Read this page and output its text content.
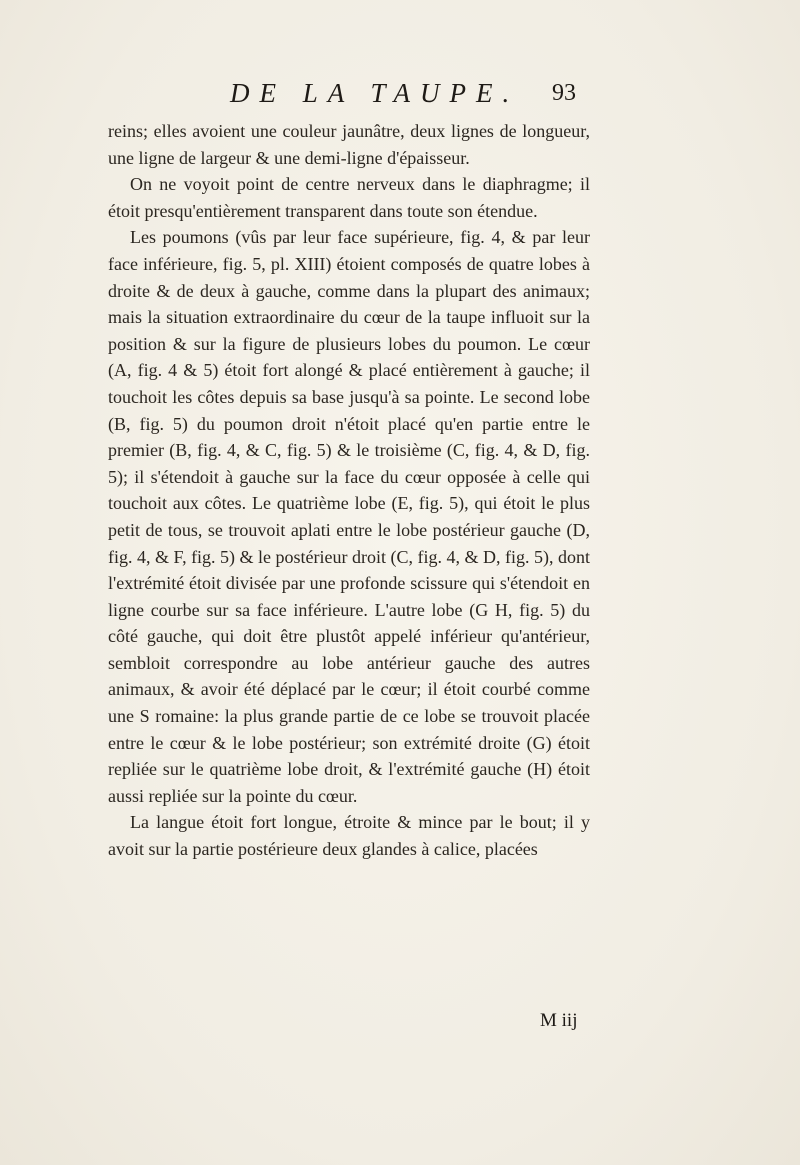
DE LA TAUPE.	93

reins; elles avoient une couleur jaunâtre, deux lignes de longueur, une ligne de largeur & une demi-ligne d'épaisseur.

On ne voyoit point de centre nerveux dans le diaphragme; il étoit presqu'entièrement transparent dans toute son étendue.

Les poumons (vûs par leur face supérieure, fig. 4, & par leur face inférieure, fig. 5, pl. XIII) étoient composés de quatre lobes à droite & de deux à gauche, comme dans la plupart des animaux; mais la situation extraordinaire du cœur de la taupe influoit sur la position & sur la figure de plusieurs lobes du poumon. Le cœur (A, fig. 4 & 5) étoit fort alongé & placé entièrement à gauche; il touchoit les côtes depuis sa base jusqu'à sa pointe. Le second lobe (B, fig. 5) du poumon droit n'étoit placé qu'en partie entre le premier (B, fig. 4, & C, fig. 5) & le troisième (C, fig. 4, & D, fig. 5); il s'étendoit à gauche sur la face du cœur opposée à celle qui touchoit aux côtes. Le quatrième lobe (E, fig. 5), qui étoit le plus petit de tous, se trouvoit aplati entre le lobe postérieur gauche (D, fig. 4, & F, fig. 5) & le postérieur droit (C, fig. 4, & D, fig. 5), dont l'extrémité étoit divisée par une profonde scissure qui s'étendoit en ligne courbe sur sa face inférieure. L'autre lobe (G H, fig. 5) du côté gauche, qui doit être plustôt appelé inférieur qu'antérieur, sembloit correspondre au lobe antérieur gauche des autres animaux, & avoir été déplacé par le cœur; il étoit courbé comme une S romaine: la plus grande partie de ce lobe se trouvoit placée entre le cœur & le lobe postérieur; son extrémité droite (G) étoit repliée sur le quatrième lobe droit, & l'extrémité gauche (H) étoit aussi repliée sur la pointe du cœur.

La langue étoit fort longue, étroite & mince par le bout; il y avoit sur la partie postérieure deux glandes à calice, placées

M iij
